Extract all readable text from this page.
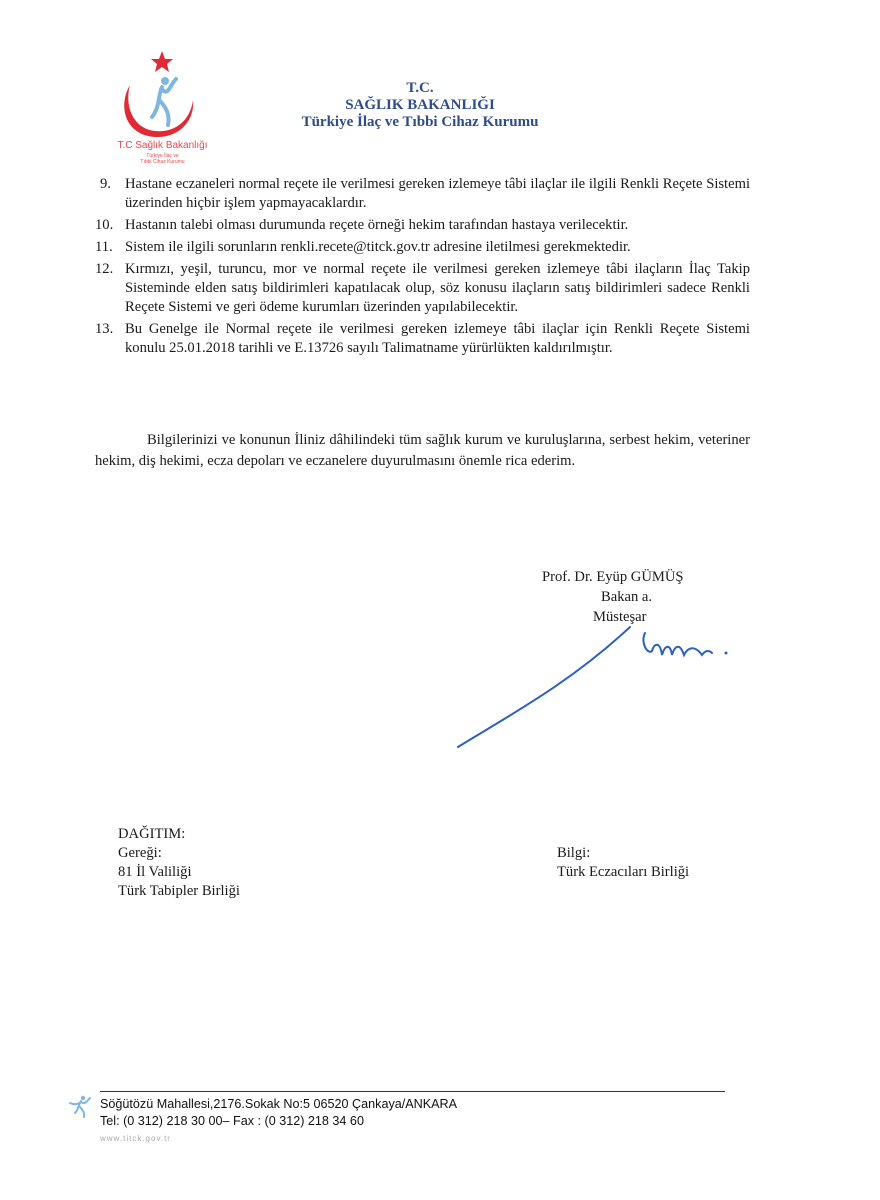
T.C Sağlık Bakanlığı
Türkiye İlaç ve
Tıbbi Cihaz Kurumu
T.C.
SAĞLIK BAKANLIĞI
Türkiye İlaç ve Tıbbi Cihaz Kurumu
9. Hastane eczaneleri normal reçete ile verilmesi gereken izlemeye tâbi ilaçlar ile ilgili Renkli Reçete Sistemi üzerinden hiçbir işlem yapmayacaklardır.
10. Hastanın talebi olması durumunda reçete örneği hekim tarafından hastaya verilecektir.
11. Sistem ile ilgili sorunların renkli.recete@titck.gov.tr adresine iletilmesi gerekmektedir.
12. Kırmızı, yeşil, turuncu, mor ve normal reçete ile verilmesi gereken izlemeye tâbi ilaçların İlaç Takip Sisteminde elden satış bildirimleri kapatılacak olup, söz konusu ilaçların satış bildirimleri sadece Renkli Reçete Sistemi ve geri ödeme kurumları üzerinden yapılabilecektir.
13. Bu Genelge ile Normal reçete ile verilmesi gereken izlemeye tâbi ilaçlar için Renkli Reçete Sistemi konulu 25.01.2018 tarihli ve E.13726 sayılı Talimatname yürürlükten kaldırılmıştır.
Bilgilerinizi ve konunun İliniz dâhilindeki tüm sağlık kurum ve kuruluşlarına, serbest hekim, veteriner hekim, diş hekimi, ecza depoları ve eczanelere duyurulmasını önemle rica ederim.
Prof. Dr. Eyüp GÜMÜŞ
Bakan a.
Müsteşar
DAĞITIM:
Gereği:
81 İl Valiliği
Türk Tabipler Birliği
Bilgi:
Türk Eczacıları Birliği
Söğütözü Mahallesi,2176.Sokak No:5 06520 Çankaya/ANKARA
Tel: (0 312) 218 30 00– Fax : (0 312) 218 34 60
www.titck.gov.tr
